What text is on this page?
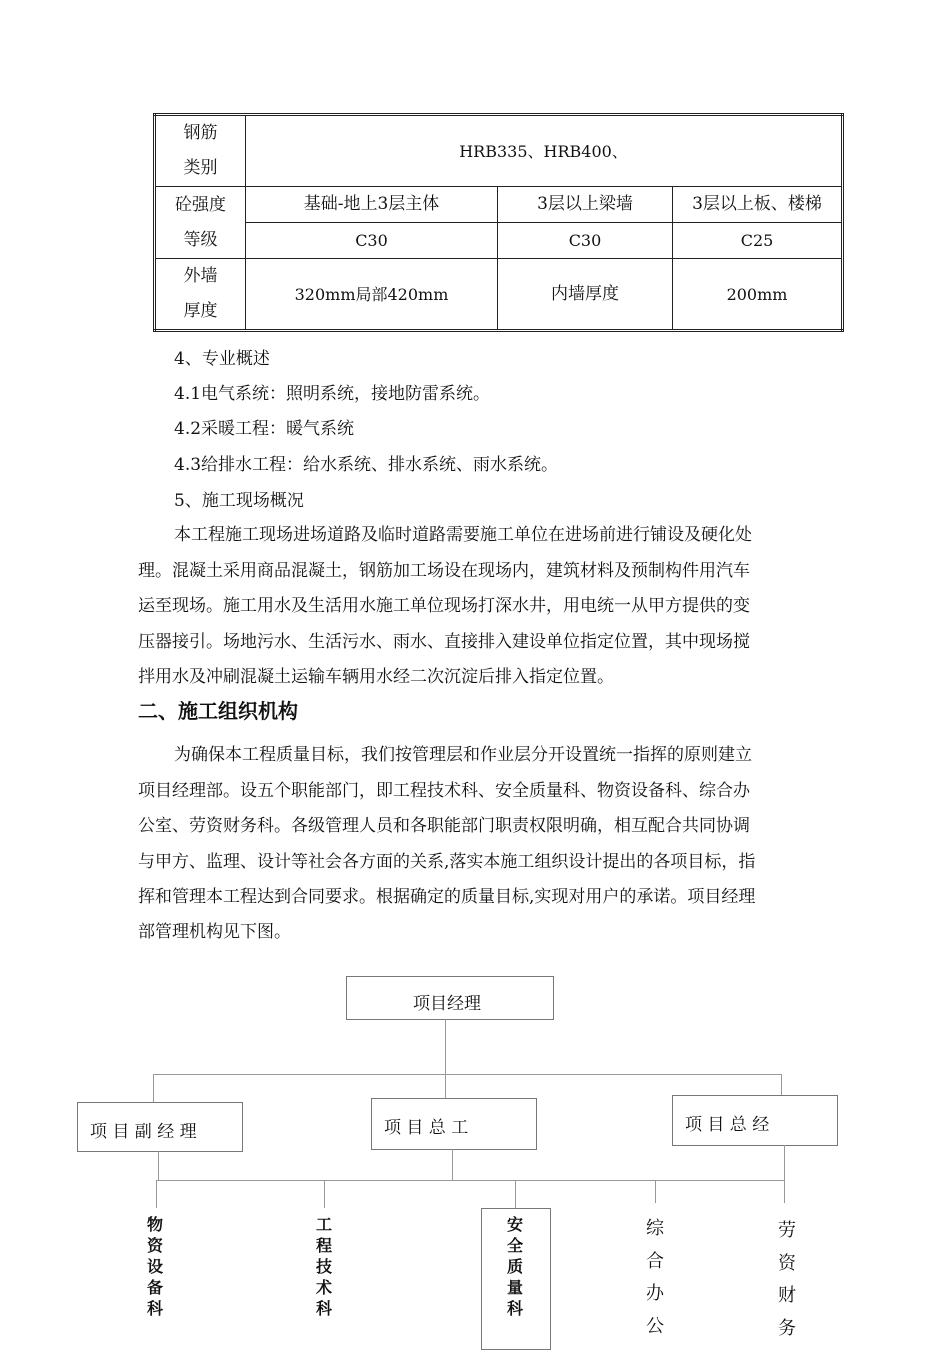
钢筋
类别	HRB335、HRB400、		

砼强度
等级	基础-地上3层主体	3层以上梁墙	3层以上板、楼梯
	C30	C30	C25

外墙
厚度	320mm局部420mm	内墙厚度	200mm
4、专业概述
4.1电气系统：照明系统，接地防雷系统。
4.2采暖工程：暖气系统
4.3给排水工程：给水系统、排水系统、雨水系统。
5、施工现场概况
本工程施工现场进场道路及临时道路需要施工单位在进场前进行铺设及硬化处
理。混凝土采用商品混凝土，钢筋加工场设在现场内，建筑材料及预制构件用汽车
运至现场。施工用水及生活用水施工单位现场打深水井，用电统一从甲方提供的变
压器接引。场地污水、生活污水、雨水、直接排入建设单位指定位置，其中现场搅
拌用水及冲刷混凝土运输车辆用水经二次沉淀后排入指定位置。
二、施工组织机构
为确保本工程质量目标，我们按管理层和作业层分开设置统一指挥的原则建立
项目经理部。设五个职能部门，即工程技术科、安全质量科、物资设备科、综合办
公室、劳资财务科。各级管理人员和各职能部门职责权限明确，相互配合共同协调
与甲方、监理、设计等社会各方面的关系,落实本施工组织设计提出的各项目标，指
挥和管理本工程达到合同要求。根据确定的质量目标,实现对用户的承诺。项目经理
部管理机构见下图。
项目经理
项 目 副 经 理	项 目 总 工	项 目 总 经
物
资
设
备
科
工
程
技
术
科
安
全
质
量
科
综
合
办
公
劳
资
财
务
